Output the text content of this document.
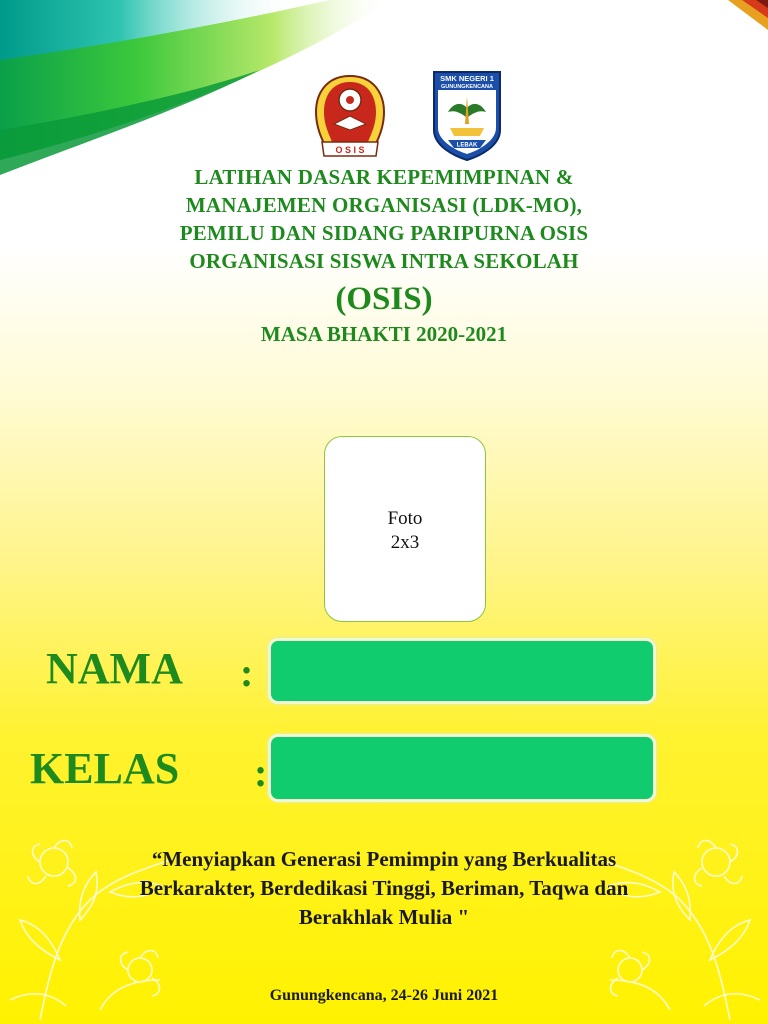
O S I S
SMK NEGERI 1
GUNUNGKENCANA
LEBAK
LATIHAN DASAR KEPEMIMPINAN &
MANAJEMEN ORGANISASI (LDK-MO),
PEMILU DAN SIDANG PARIPURNA OSIS
ORGANISASI SISWA INTRA SEKOLAH
(OSIS)
MASA BHAKTI 2020-2021
Foto
2x3
NAMA :
KELAS :
“Menyiapkan Generasi Pemimpin yang Berkualitas
Berkarakter, Berdedikasi Tinggi, Beriman, Taqwa dan
Berakhlak Mulia "
Gunungkencana, 24-26 Juni 2021
